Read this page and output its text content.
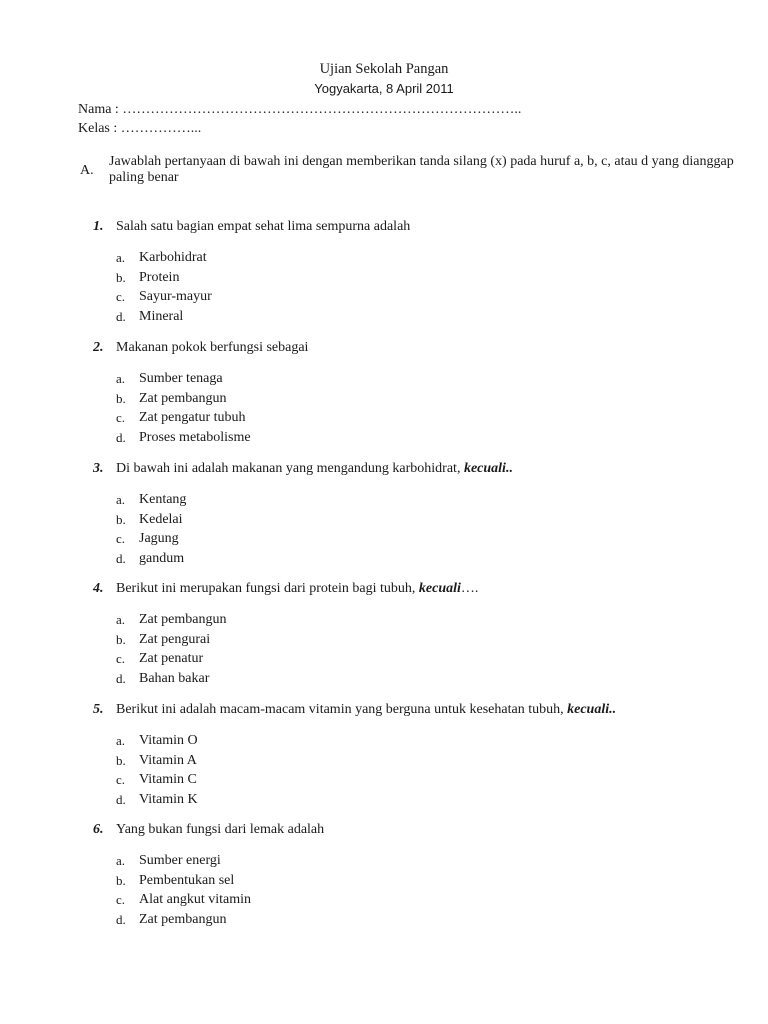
Ujian Sekolah Pangan
Yogyakarta, 8 April 2011
Nama : …………………………………………………………………………..
Kelas : ……………...
A.
Jawablah pertanyaan di bawah ini dengan memberikan tanda silang (x) pada huruf a, b, c, atau d yang dianggap paling benar
1. Salah satu bagian empat sehat lima sempurna adalah
a. Karbohidrat
b. Protein
c. Sayur-mayur
d. Mineral
2. Makanan pokok berfungsi sebagai
a. Sumber tenaga
b. Zat pembangun
c. Zat pengatur tubuh
d. Proses metabolisme
3. Di bawah ini adalah makanan yang mengandung karbohidrat, kecuali..
a. Kentang
b. Kedelai
c. Jagung
d. gandum
4. Berikut ini merupakan fungsi dari protein bagi tubuh, kecuali….
a. Zat pembangun
b. Zat pengurai
c. Zat penatur
d. Bahan bakar
5. Berikut ini adalah macam-macam vitamin yang berguna untuk kesehatan tubuh, kecuali..
a. Vitamin O
b. Vitamin A
c. Vitamin C
d. Vitamin K
6. Yang bukan fungsi dari lemak adalah
a. Sumber energi
b. Pembentukan sel
c. Alat angkut vitamin
d. Zat pembangun
